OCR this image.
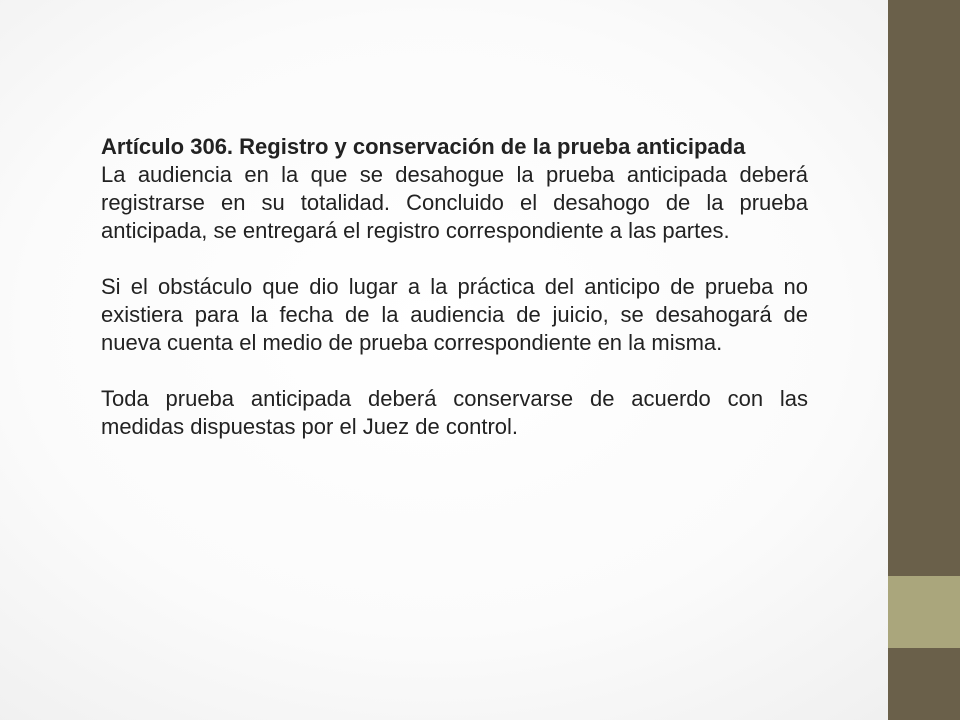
Artículo 306. Registro y conservación de la prueba anticipada

La audiencia en la que se desahogue la prueba anticipada deberá registrarse en su totalidad. Concluido el desahogo de la prueba anticipada, se entregará el registro correspondiente a las partes.

Si el obstáculo que dio lugar a la práctica del anticipo de prueba no existiera para la fecha de la audiencia de juicio, se desahogará de nueva cuenta el medio de prueba correspondiente en la misma.

Toda prueba anticipada deberá conservarse de acuerdo con las medidas dispuestas por el Juez de control.
